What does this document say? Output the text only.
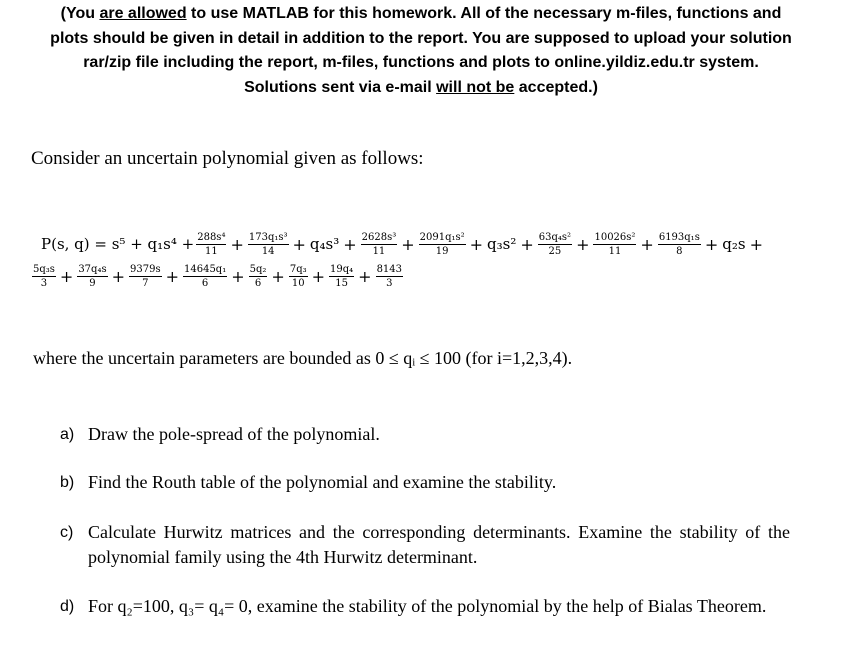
(You are allowed to use MATLAB for this homework. All of the necessary m-files, functions and
plots should be given in detail in addition to the report. You are supposed to upload your solution
rar/zip file including the report, m-files, functions and plots to online.yildiz.edu.tr system.
Solutions sent via e-mail will not be accepted.)
Consider an uncertain polynomial given as follows:
P(s, $q) = s^5 + q_1s^4 + \frac{\text{288s⁴}}{11} + \frac{\text{173q₁s³}}{14} + q_4s^3 + \frac{\text{2628s³}}{11} + \frac{\text{2091q₁s²}}{19} + q_3s^2 + \frac{\text{63q₄s²}}{25} + \frac{\text{10026s²}}{11} + \frac{\text{6193q₁s}}{8} + q_2s$ +
$\frac{\text{5q₃s}}{3} + \frac{\text{37q₄s}}{9} + \frac{9379s}{7} + \frac{\text{14645q₁}}{6} + \frac{\text{5q₂}}{6} + \frac{\text{7q₃}}{10} + \frac{\text{19q₄}}{15} + \frac{8143}{3}$
where the uncertain parameters are bounded as 0 ≤ qᵢ ≤ 100 (for i=1,2,3,4).
a) Draw the pole-spread of the polynomial.
b) Find the Routh table of the polynomial and examine the stability.
c) Calculate Hurwitz matrices and the corresponding determinants. Examine the stability of the polynomial family using the 4th Hurwitz determinant.
d) For q₂=100, q₃= q₄= 0, examine the stability of the polynomial by the help of Bialas Theorem.
